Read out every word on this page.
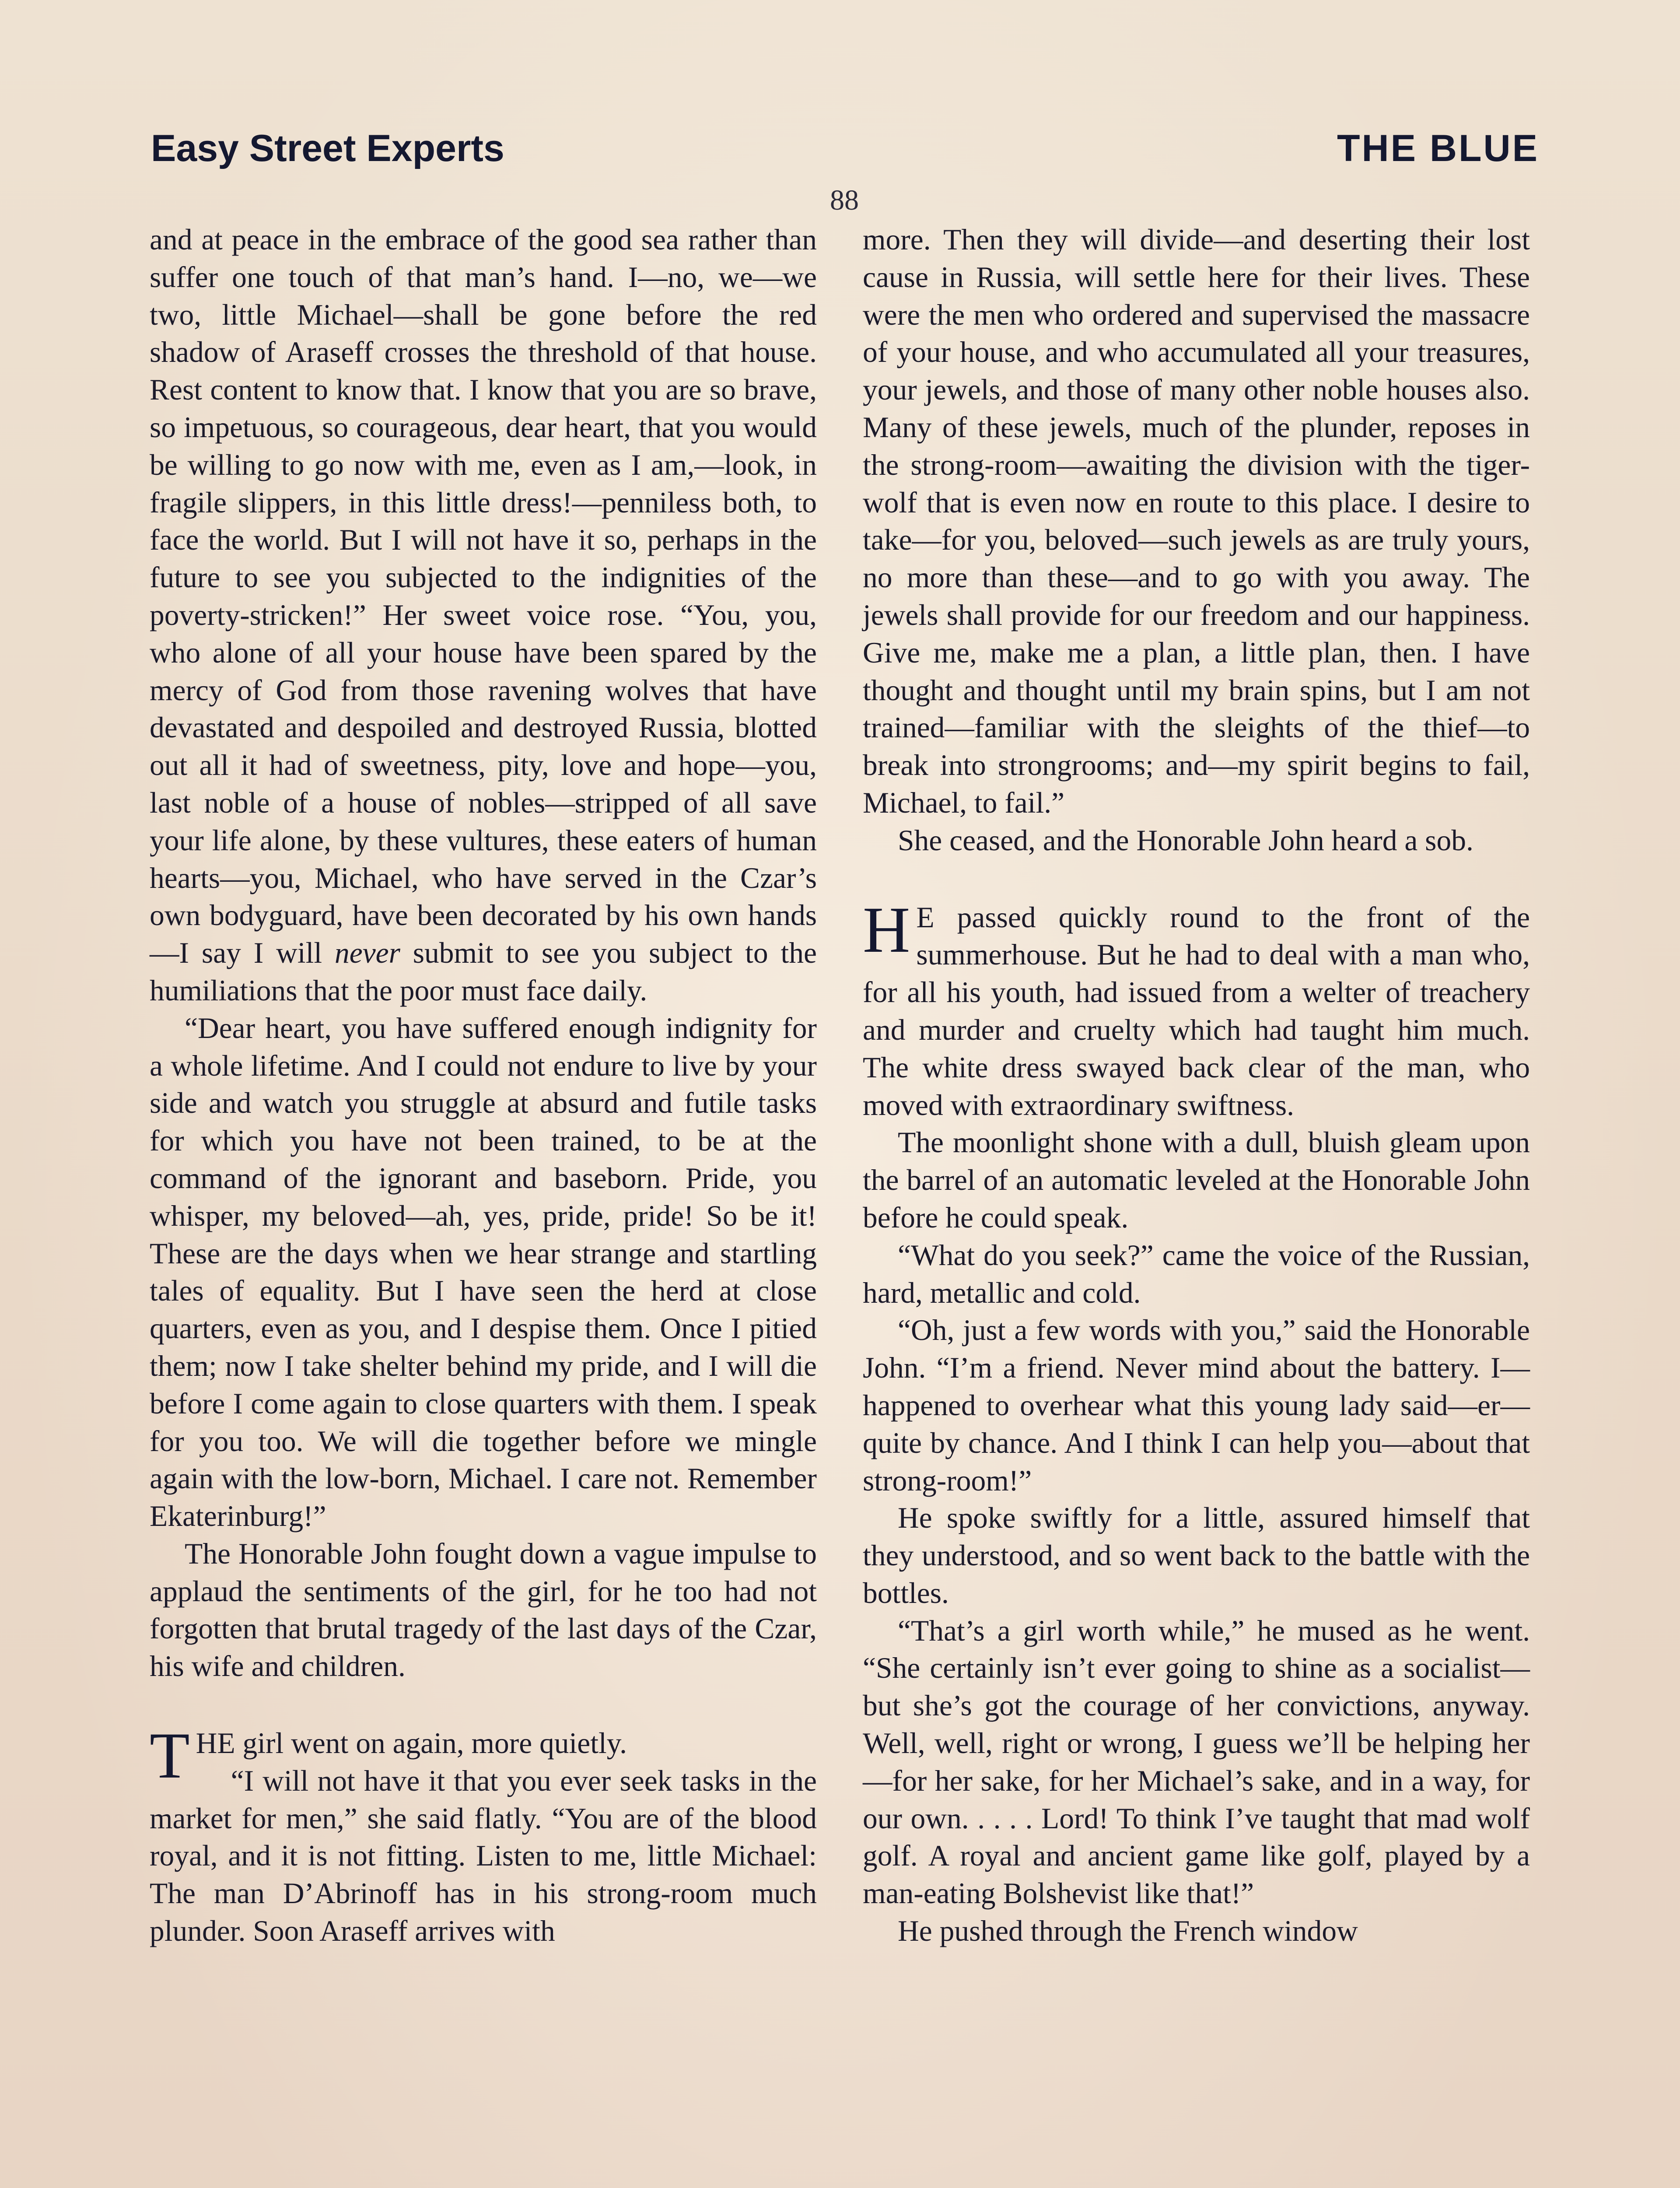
Easy Street Experts	THE BLUE
88

and at peace in the embrace of the good sea rather than suffer one touch of that man’s hand. I—no, we—we two, little Michael—shall be gone before the red shadow of Araseff crosses the threshold of that house. Rest content to know that. I know that you are so brave, so impetuous, so courageous, dear heart, that you would be willing to go now with me, even as I am,—look, in fragile slippers, in this little dress!—penniless both, to face the world. But I will not have it so, perhaps in the future to see you subjected to the indignities of the poverty-stricken!” Her sweet voice rose. “You, you, who alone of all your house have been spared by the mercy of God from those ravening wolves that have devastated and despoiled and destroyed Russia, blotted out all it had of sweetness, pity, love and hope—you, last noble of a house of nobles—stripped of all save your life alone, by these vultures, these eaters of human hearts—you, Michael, who have served in the Czar’s own bodyguard, have been decorated by his own hands—I say I will never submit to see you subject to the humiliations that the poor must face daily.

“Dear heart, you have suffered enough indignity for a whole lifetime. And I could not endure to live by your side and watch you struggle at absurd and futile tasks for which you have not been trained, to be at the command of the ignorant and baseborn. Pride, you whisper, my beloved—ah, yes, pride, pride! So be it! These are the days when we hear strange and startling tales of equality. But I have seen the herd at close quarters, even as you, and I despise them. Once I pitied them; now I take shelter behind my pride, and I will die before I come again to close quarters with them. I speak for you too. We will die together before we mingle again with the low-born, Michael. I care not. Remember Ekaterinburg!”

The Honorable John fought down a vague impulse to applaud the sentiments of the girl, for he too had not forgotten that brutal tragedy of the last days of the Czar, his wife and children.

THE girl went on again, more quietly.

“I will not have it that you ever seek tasks in the market for men,” she said flatly. “You are of the blood royal, and it is not fitting. Listen to me, little Michael: The man D’Abrinoff has in his strong-room much plunder. Soon Araseff arrives with

more. Then they will divide—and deserting their lost cause in Russia, will settle here for their lives. These were the men who ordered and supervised the massacre of your house, and who accumulated all your treasures, your jewels, and those of many other noble houses also. Many of these jewels, much of the plunder, reposes in the strong-room—awaiting the division with the tiger-wolf that is even now en route to this place. I desire to take—for you, beloved—such jewels as are truly yours, no more than these—and to go with you away. The jewels shall provide for our freedom and our happiness. Give me, make me a plan, a little plan, then. I have thought and thought until my brain spins, but I am not trained—familiar with the sleights of the thief—to break into strongrooms; and—my spirit begins to fail, Michael, to fail.”

She ceased, and the Honorable John heard a sob.

H E passed quickly round to the front of the summerhouse. But he had to deal with a man who, for all his youth, had issued from a welter of treachery and murder and cruelty which had taught him much. The white dress swayed back clear of the man, who moved with extraordinary swiftness.

The moonlight shone with a dull, bluish gleam upon the barrel of an automatic leveled at the Honorable John before he could speak.

“What do you seek?” came the voice of the Russian, hard, metallic and cold.

“Oh, just a few words with you,” said the Honorable John. “I’m a friend. Never mind about the battery. I—happened to overhear what this young lady said—er—quite by chance. And I think I can help you—about that strong-room!”

He spoke swiftly for a little, assured himself that they understood, and so went back to the battle with the bottles.

“That’s a girl worth while,” he mused as he went. “She certainly isn’t ever going to shine as a socialist—but she’s got the courage of her convictions, anyway. Well, well, right or wrong, I guess we’ll be helping her—for her sake, for her Michael’s sake, and in a way, for our own. . . . . Lord! To think I’ve taught that mad wolf golf. A royal and ancient game like golf, played by a man-eating Bolshevist like that!”

He pushed through the French window
